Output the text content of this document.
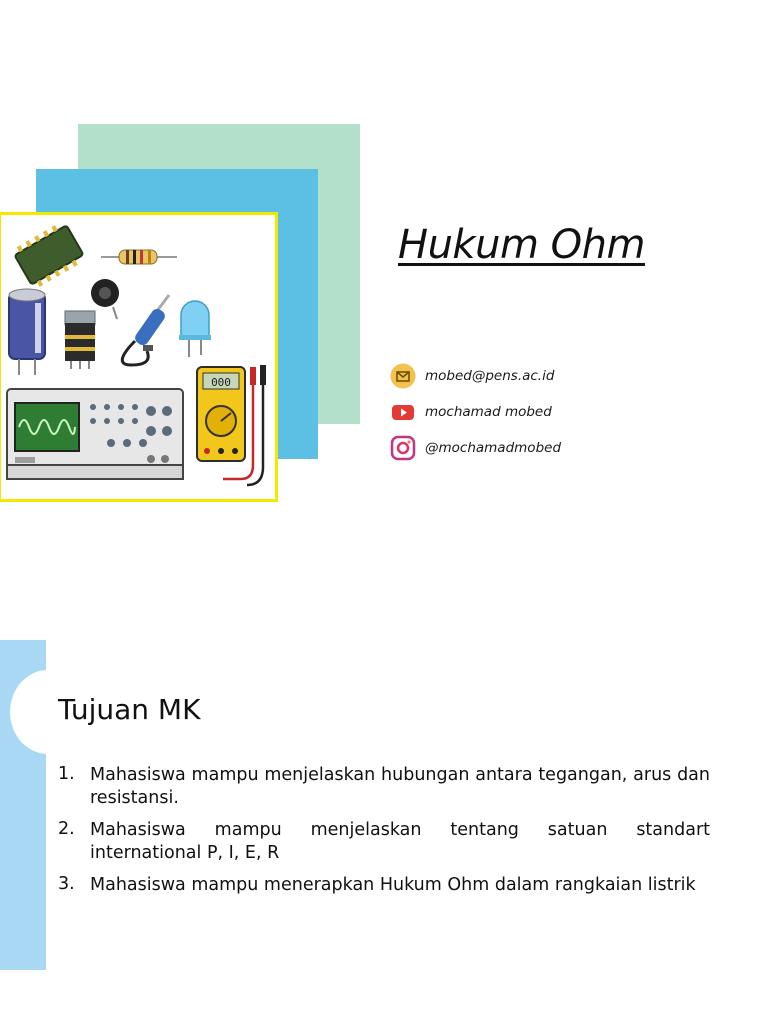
000
Hukum Ohm
mobed@pens.ac.id
mochamad mobed
@mochamadmobed
Tujuan MK
1. Mahasiswa mampu menjelaskan hubungan antara tegangan, arus dan resistansi.
2. Mahasiswa mampu menjelaskan tentang satuan standart international P, I, E, R
3. Mahasiswa mampu menerapkan Hukum Ohm dalam rangkaian listrik
